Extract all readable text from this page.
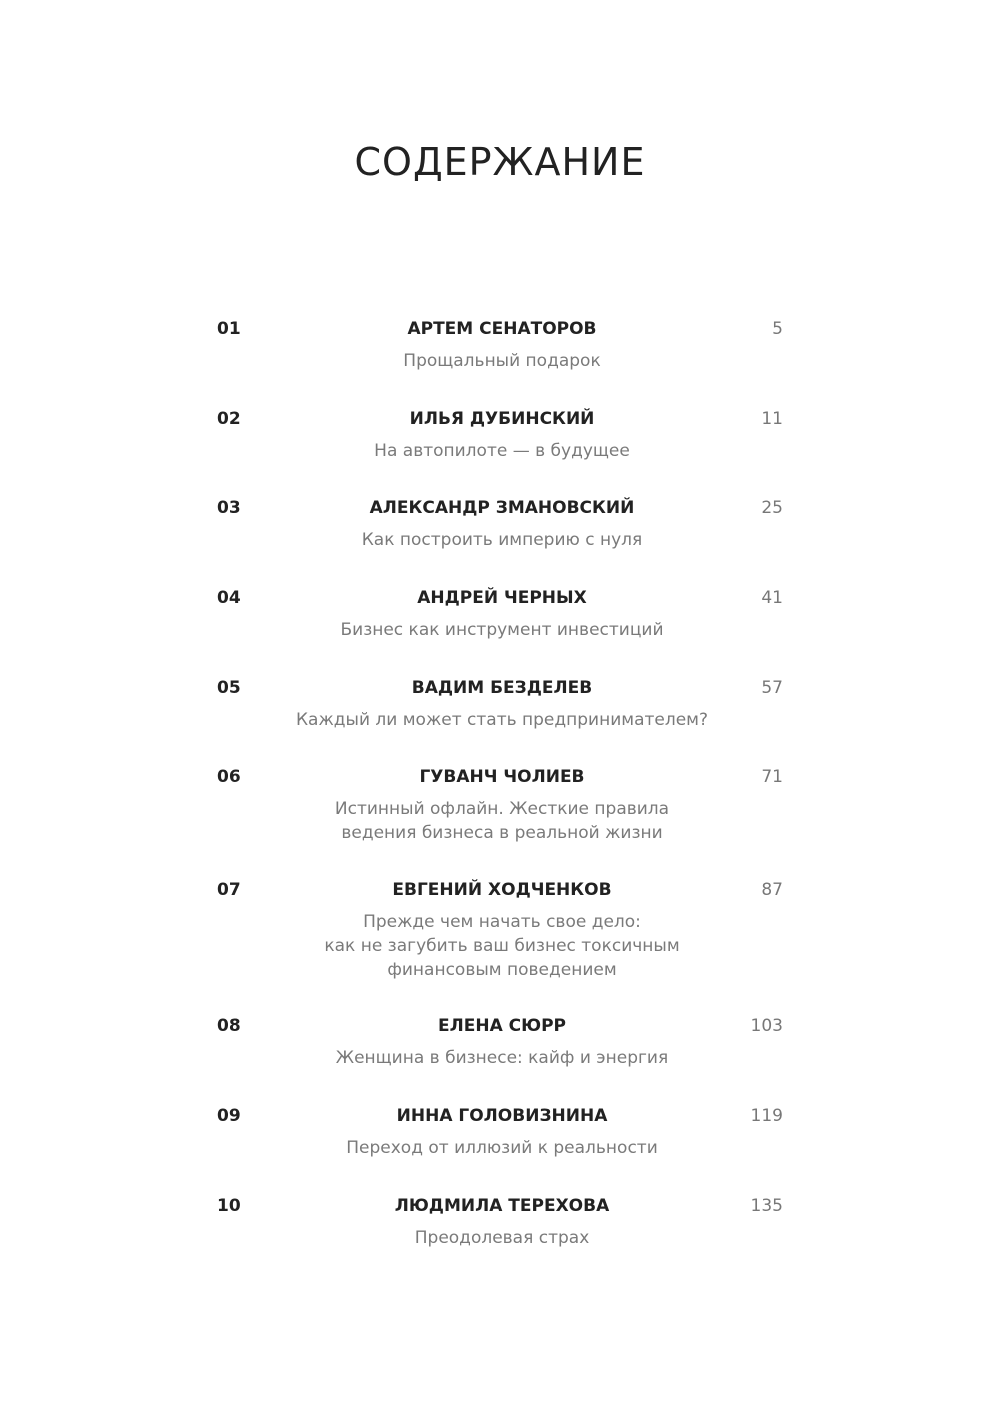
СОДЕРЖАНИЕ
01	АРТЕМ СЕНАТОРОВ	5
Прощальный подарок
02	ИЛЬЯ ДУБИНСКИЙ	11
На автопилоте — в будущее
03	АЛЕКСАНДР ЗМАНОВСКИЙ	25
Как построить империю с нуля
04	АНДРЕЙ ЧЕРНЫХ	41
Бизнес как инструмент инвестиций
05	ВАДИМ БЕЗДЕЛЕВ	57
Каждый ли может стать предпринимателем?
06	ГУВАНЧ ЧОЛИЕВ	71
Истинный офлайн. Жесткие правила
ведения бизнеса в реальной жизни
07	ЕВГЕНИЙ ХОДЧЕНКОВ	87
Прежде чем начать свое дело:
как не загубить ваш бизнес токсичным
финансовым поведением
08	ЕЛЕНА СЮРР	103
Женщина в бизнесе: кайф и энергия
09	ИННА ГОЛОВИЗНИНА	119
Переход от иллюзий к реальности
10	ЛЮДМИЛА ТЕРЕХОВА	135
Преодолевая страх
